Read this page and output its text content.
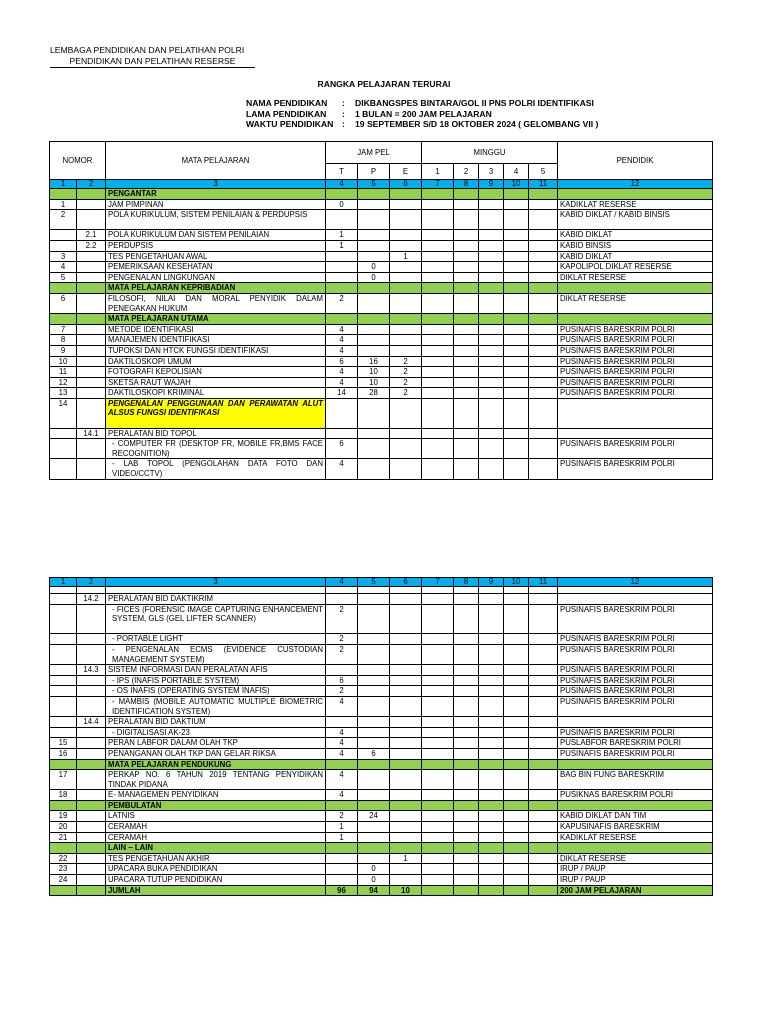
LEMBAGA PENDIDIKAN DAN PELATIHAN POLRI
PENDIDIKAN DAN PELATIHAN RESERSE
RANGKA PELAJARAN TERURAI
NAMA PENDIDIKAN	:	DIKBANGSPES BINTARA/GOL II PNS POLRI IDENTIFIKASI
LAMA PENDIDIKAN	:	1 BULAN = 200 JAM PELAJARAN
WAKTU PENDIDIKAN	:	19 SEPTEMBER S/D 18 OKTOBER 2024 ( GELOMBANG VII )
NOMOR		MATA PELAJARAN	JAM PEL			MINGGU					PENDIDIK
			T	P	E	1	2	3	4	5	
1	2	3	4	5	6	7	8	9	10	11	12
		PENGANTAR									
1		JAM PIMPINAN	0								KADIKLAT RESERSE
2		POLA KURIKULUM, SISTEM PENILAIAN & PERDUPSIS									KABID DIKLAT / KABID BINSIS
	2.1	POLA KURIKULUM DAN SISTEM PENILAIAN	1								KABID DIKLAT
	2.2	PERDUPSIS	1								KABID BINSIS
3		TES PENGETAHUAN AWAL			1						KABID DIKLAT
4		PEMERIKSAAN KESEHATAN		0							KAPOLIPOL DIKLAT RESERSE
5		PENGENALAN LINGKUNGAN		0							DIKLAT RESERSE
		MATA PELAJARAN KEPRIBADIAN									
6		FILOSOFI, NILAI DAN MORAL PENYIDIK DALAM PENEGAKAN HUKUM	2								DIKLAT RESERSE
		MATA PELAJARAN UTAMA									
7		METODE IDENTIFIKASI	4								PUSINAFIS BARESKRIM POLRI
8		MANAJEMEN IDENTIFIKASI	4								PUSINAFIS BARESKRIM POLRI
9		TUPOKSI DAN HTCK FUNGSI IDENTIFIKASI	4								PUSINAFIS BARESKRIM POLRI
10		DAKTILOSKOPI UMUM	6	16	2						PUSINAFIS BARESKRIM POLRI
11		FOTOGRAFI KEPOLISIAN	4	10	2						PUSINAFIS BARESKRIM POLRI
12		SKETSA RAUT WAJAH	4	10	2						PUSINAFIS BARESKRIM POLRI
13		DAKTILOSKOPI KRIMINAL	14	28	2						PUSINAFIS BARESKRIM POLRI
14		PENGENALAN PENGGUNAAN DAN PERAWATAN ALUT ALSUS FUNGSI IDENTIFIKASI									
	14.1	PERALATAN BID TOPOL									
		- COMPUTER FR (DESKTOP FR, MOBILE FR,BMS FACE RECOGNITION)	6								PUSINAFIS BARESKRIM POLRI
		- LAB TOPOL (PENGOLAHAN DATA FOTO DAN VIDEO/CCTV)	4								PUSINAFIS BARESKRIM POLRI
1	2	3	4	5	6	7	8	9	10	11	12

	14.2	PERALATAN BID DAKTIKRIM									
		- FICES (FORENSIC IMAGE CAPTURING ENHANCEMENT SYSTEM, GLS (GEL LIFTER SCANNER)	2								PUSINAFIS BARESKRIM POLRI
		- PORTABLE LIGHT	2								PUSINAFIS BARESKRIM POLRI
		- PENGENALAN ECMS (EVIDENCE CUSTODIAN MANAGEMENT SYSTEM)	2								PUSINAFIS BARESKRIM POLRI
	14.3	SISTEM INFORMASI DAN PERALATAN AFIS									PUSINAFIS BARESKRIM POLRI
		- IPS (INAFIS PORTABLE SYSTEM)	6								PUSINAFIS BARESKRIM POLRI
		- OS INAFIS (OPERATING SYSTEM INAFIS)	2								PUSINAFIS BARESKRIM POLRI
		- MAMBIS (MOBILE AUTOMATIC MULTIPLE BIOMETRIC IDENTIFICATION SYSTEM)	4								PUSINAFIS BARESKRIM POLRI
	14.4	PERALATAN BID DAKTIUM									
		- DIGITALISASI AK-23	4								PUSINAFIS BARESKRIM POLRI
15		PERAN LABFOR DALAM OLAH TKP	4								PUSLABFOR BARESKRIM POLRI
16		PENANGANAN OLAH TKP DAN GELAR RIKSA	4	6							PUSINAFIS BARESKRIM POLRI
		MATA PELAJARAN PENDUKUNG									
17		PERKAP NO. 6 TAHUN 2019 TENTANG PENYIDIKAN TINDAK PIDANA	4								BAG BIN FUNG BARESKRIM
18		E- MANAGEMEN PENYIDIKAN	4								PUSIKNAS BARESKRIM POLRI
		PEMBULATAN									
19		LATNIS	2	24							KABID DIKLAT DAN TIM
20		CERAMAH	1								KAPUSINAFIS BARESKRIM
21		CERAMAH	1								KADIKLAT RESERSE
		LAIN – LAIN									
22		TES PENGETAHUAN AKHIR			1						DIKLAT RESERSE
23		UPACARA BUKA PENDIDIKAN		0							IRUP / PAUP
24		UPACARA TUTUP PENDIDIKAN		0							IRUP / PAUP
		JUMLAH	96	94	10						200 JAM PELAJARAN
